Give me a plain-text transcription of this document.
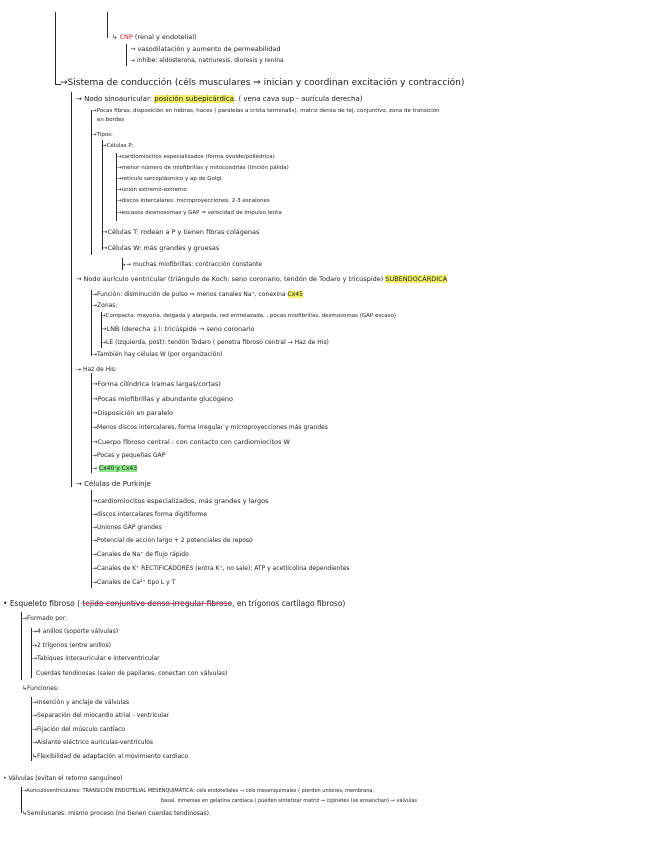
↳ CNP (renal y endotelial)
→ vasodilatación y aumento de permeabilidad
→ inhibe: aldosterona, natriuresis, diuresis y renina
→Sistema de conducción (céls musculares ⇒ inician y coordinan excitación y contracción)
→ Nodo sinoauricular: posición subepicárdica. ( vena cava sup - aurícula derecha)
→Pocas fibras, disposición en hebras, haces ( paralelas a crista terminalis), matriz densa de tej. conjuntivo, zona de transición
en bordes
→Tipos:
→Células P:
→cardiomiocitos especializados (forma ovoide/poliédrica)
→menor número de miofibrillas y mitocondrias (tinción pálida)
→retículo sarcoplásmico y ap de Golgi.
→unión extremo-extremo
→discos intercalares: microproyecciones, 2-3 escalones
→escasos desmosomas y GAP ⇒ velocidad de impulso lenta
→Células T: rodean a P y tienen fibras colágenas
→Células W: más grandes y gruesas
↳→ muchas miofibrillas: contracción constante
→ Nodo aurículo ventricular (triángulo de Koch: seno coronario, tendón de Todaro y tricúspide) SUBENDOCÁRDICA
→Función: disminución de pulso ⇒ menos canales Na⁺, conexina Cx45
→Zonas:
→Compacta: mayoría, delgada y alargada, red entrelazada, , pocas miofibrillas, desmosomas (GAP escaso)
→LNB (derecha ↓): tricúspide → seno coronario
→LE (izquierda, post): tendón Todaro ( penetra fibroso central → Haz de His)
→También hay células W (por organización)
→ Haz de His:
→Forma cilíndrica (ramas largas/cortas)
→Pocas miofibrillas y abundante glucógeno
→Disposición en paralelo
→Menos discos intercalares, forma irregular y microproyecciones más grandes
→Cuerpo fibroso central : con contacto con cardiomiocitos W
→Pocas y pequeñas GAP
→ Cx40 y Cx43
→ Células de Purkinje
→cardiomiocitos especializados, más grandes y largos
→discos intercalares forma digitiforme
→Uniones GAP grandes
→Potencial de acción largo + 2 potenciales de reposo
→Canales de Na⁺ de flujo rápido
→Canales de K⁺ RECTIFICADORES (entra K⁺, no sale): ATP y acetilcolina dependientes
→Canales de Ca²⁺ tipo L y T
• Esqueleto fibroso ( tejido conjuntivo denso irregular fibroso, en trígonos cartílago fibroso)
→Formado por:
→4 anillos (soporte válvulas)
→2 trígonos (entre anillos)
→Tabiques interauricular e interventricular
Cuerdas tendinosas (salen de papilares, conectan con válvulas)
↳Funciones:
→Inserción y anclaje de válvulas
→Separación del miocardio atrial - ventricular
→Fijación del músculo cardíaco
→Aislante eléctrico aurículas-ventrículos
↳Flexibilidad de adaptación al movimiento cardiaco.
• Válvulas (evitan el retorno sanguíneo)
→Auriculoventriculares: TRANSICIÓN ENDOTELIAL MESENQUIMÁTICA: céls endoteliales ⇒ céls mesenquimales ( pierden uniones, membrana,
basal, inmersas en gelatina cardiaca.) pueden sintetizar matriz ⇒ cojinetes (se ensanchan) ⇒ válvulas
↳Semilunares: mismo proceso (no tienen cuerdas tendinosas).
